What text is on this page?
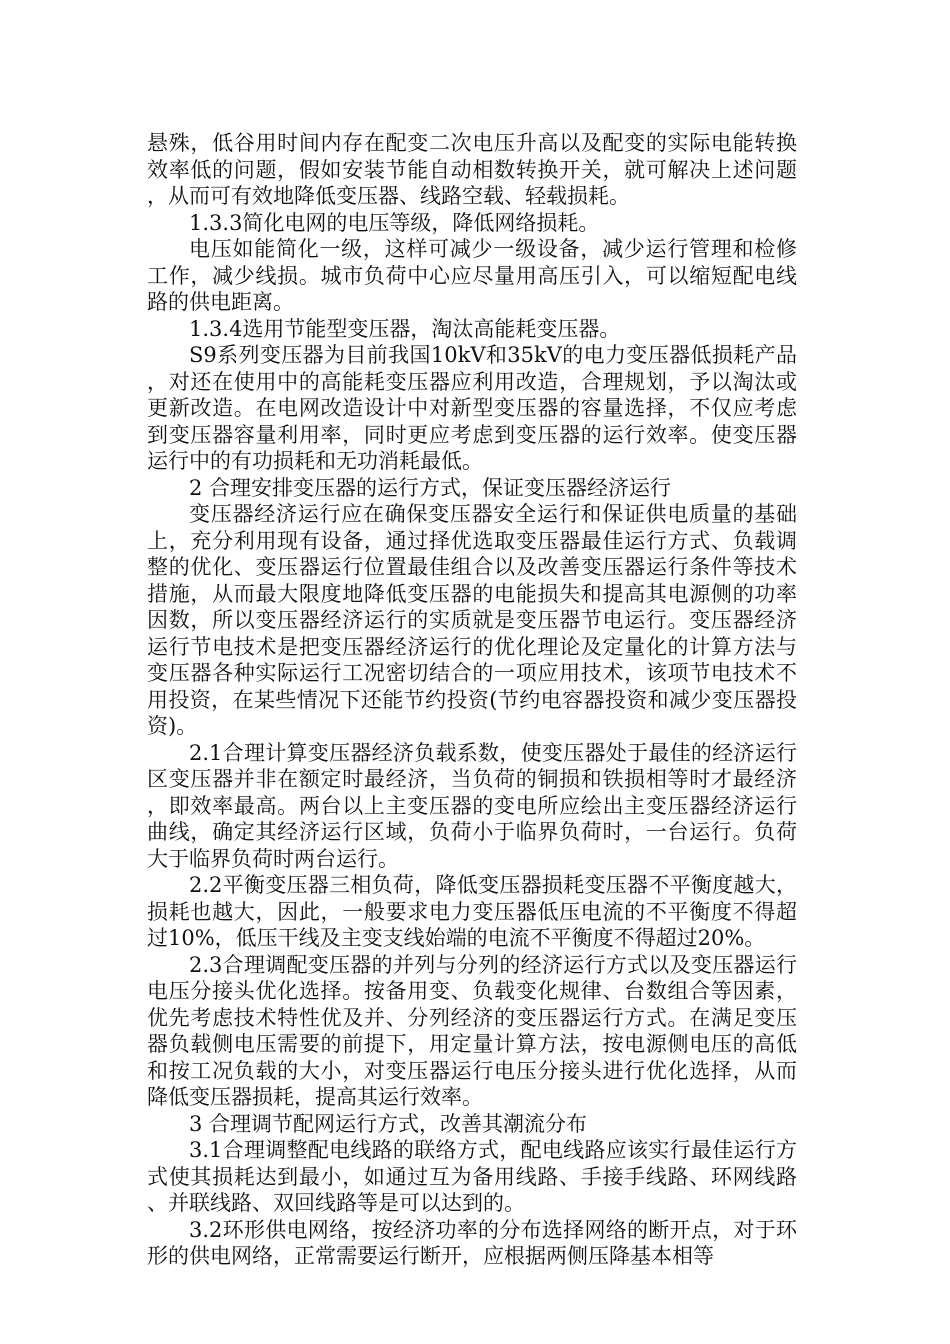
悬殊，低谷用时间内存在配变二次电压升高以及配变的实际电能转换效率低的问题，假如安装节能自动相数转换开关，就可解决上述问题，从而可有效地降低变压器、线路空载、轻载损耗。

1.3.3简化电网的电压等级，降低网络损耗。

电压如能简化一级，这样可减少一级设备，减少运行管理和检修工作，减少线损。城市负荷中心应尽量用高压引入，可以缩短配电线路的供电距离。

1.3.4选用节能型变压器，淘汰高能耗变压器。

S9系列变压器为目前我国10kV和35kV的电力变压器低损耗产品，对还在使用中的高能耗变压器应利用改造，合理规划，予以淘汰或更新改造。在电网改造设计中对新型变压器的容量选择，不仅应考虑到变压器容量利用率，同时更应考虑到变压器的运行效率。使变压器运行中的有功损耗和无功消耗最低。

2 合理安排变压器的运行方式，保证变压器经济运行

变压器经济运行应在确保变压器安全运行和保证供电质量的基础上，充分利用现有设备，通过择优选取变压器最佳运行方式、负载调整的优化、变压器运行位置最佳组合以及改善变压器运行条件等技术措施，从而最大限度地降低变压器的电能损失和提高其电源侧的功率因数，所以变压器经济运行的实质就是变压器节电运行。变压器经济运行节电技术是把变压器经济运行的优化理论及定量化的计算方法与变压器各种实际运行工况密切结合的一项应用技术，该项节电技术不用投资，在某些情况下还能节约投资(节约电容器投资和减少变压器投资)。

2.1合理计算变压器经济负载系数，使变压器处于最佳的经济运行区变压器并非在额定时最经济，当负荷的铜损和铁损相等时才最经济，即效率最高。两台以上主变压器的变电所应绘出主变压器经济运行曲线，确定其经济运行区域，负荷小于临界负荷时，一台运行。负荷大于临界负荷时两台运行。

2.2平衡变压器三相负荷，降低变压器损耗变压器不平衡度越大，损耗也越大，因此，一般要求电力变压器低压电流的不平衡度不得超过10%，低压干线及主变支线始端的电流不平衡度不得超过20%。

2.3合理调配变压器的并列与分列的经济运行方式以及变压器运行电压分接头优化选择。按备用变、负载变化规律、台数组合等因素，优先考虑技术特性优及并、分列经济的变压器运行方式。在满足变压器负载侧电压需要的前提下，用定量计算方法，按电源侧电压的高低和按工况负载的大小，对变压器运行电压分接头进行优化选择，从而降低变压器损耗，提高其运行效率。

3 合理调节配网运行方式，改善其潮流分布

3.1合理调整配电线路的联络方式，配电线路应该实行最佳运行方式使其损耗达到最小，如通过互为备用线路、手接手线路、环网线路、并联线路、双回线路等是可以达到的。

3.2环形供电网络，按经济功率的分布选择网络的断开点，对于环形的供电网络，正常需要运行断开，应根据两侧压降基本相等
